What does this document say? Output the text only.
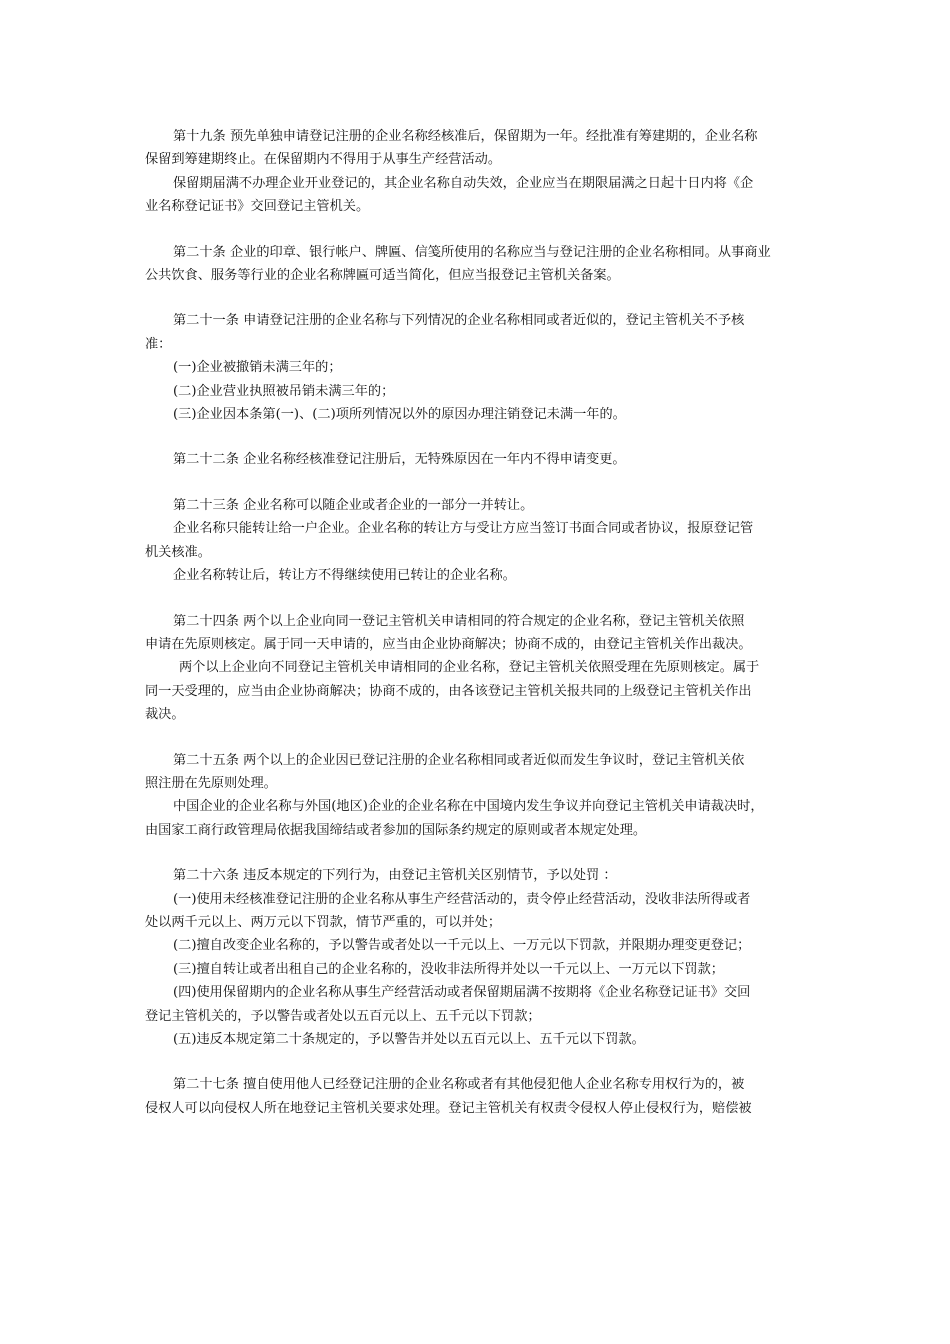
第十九条 预先单独申请登记注册的企业名称经核准后，保留期为一年。经批准有筹建期的，企业名称
保留到筹建期终止。在保留期内不得用于从事生产经营活动。
保留期届满不办理企业开业登记的，其企业名称自动失效，企业应当在期限届满之日起十日内将《企
业名称登记证书》交回登记主管机关。
第二十条 企业的印章、银行帐户、牌匾、信笺所使用的名称应当与登记注册的企业名称相同。从事商业
公共饮食、服务等行业的企业名称牌匾可适当简化，但应当报登记主管机关备案。
第二十一条 申请登记注册的企业名称与下列情况的企业名称相同或者近似的，登记主管机关不予核
准：
(一)企业被撤销未满三年的；
(二)企业营业执照被吊销未满三年的；
(三)企业因本条第(一)、(二)项所列情况以外的原因办理注销登记未满一年的。
第二十二条 企业名称经核准登记注册后，无特殊原因在一年内不得申请变更。
第二十三条 企业名称可以随企业或者企业的一部分一并转让。
企业名称只能转让给一户企业。企业名称的转让方与受让方应当签订书面合同或者协议，报原登记管
机关核准。
企业名称转让后，转让方不得继续使用已转让的企业名称。
第二十四条 两个以上企业向同一登记主管机关申请相同的符合规定的企业名称，登记主管机关依照
申请在先原则核定。属于同一天申请的，应当由企业协商解决；协商不成的，由登记主管机关作出裁决。
两个以上企业向不同登记主管机关申请相同的企业名称，登记主管机关依照受理在先原则核定。属于
同一天受理的，应当由企业协商解决；协商不成的，由各该登记主管机关报共同的上级登记主管机关作出
裁决。
第二十五条 两个以上的企业因已登记注册的企业名称相同或者近似而发生争议时，登记主管机关依
照注册在先原则处理。
中国企业的企业名称与外国(地区)企业的企业名称在中国境内发生争议并向登记主管机关申请裁决时，
由国家工商行政管理局依据我国缔结或者参加的国际条约规定的原则或者本规定处理。
第二十六条 违反本规定的下列行为，由登记主管机关区别情节，予以处罚 ：
(一)使用未经核准登记注册的企业名称从事生产经营活动的，责令停止经营活动，没收非法所得或者
处以两千元以上、两万元以下罚款，情节严重的，可以并处；
(二)擅自改变企业名称的，予以警告或者处以一千元以上、一万元以下罚款，并限期办理变更登记；
(三)擅自转让或者出租自己的企业名称的，没收非法所得并处以一千元以上、一万元以下罚款；
(四)使用保留期内的企业名称从事生产经营活动或者保留期届满不按期将《企业名称登记证书》交回
登记主管机关的，予以警告或者处以五百元以上、五千元以下罚款；
(五)违反本规定第二十条规定的，予以警告并处以五百元以上、五千元以下罚款。
第二十七条 擅自使用他人已经登记注册的企业名称或者有其他侵犯他人企业名称专用权行为的，被
侵权人可以向侵权人所在地登记主管机关要求处理。登记主管机关有权责令侵权人停止侵权行为，赔偿被
